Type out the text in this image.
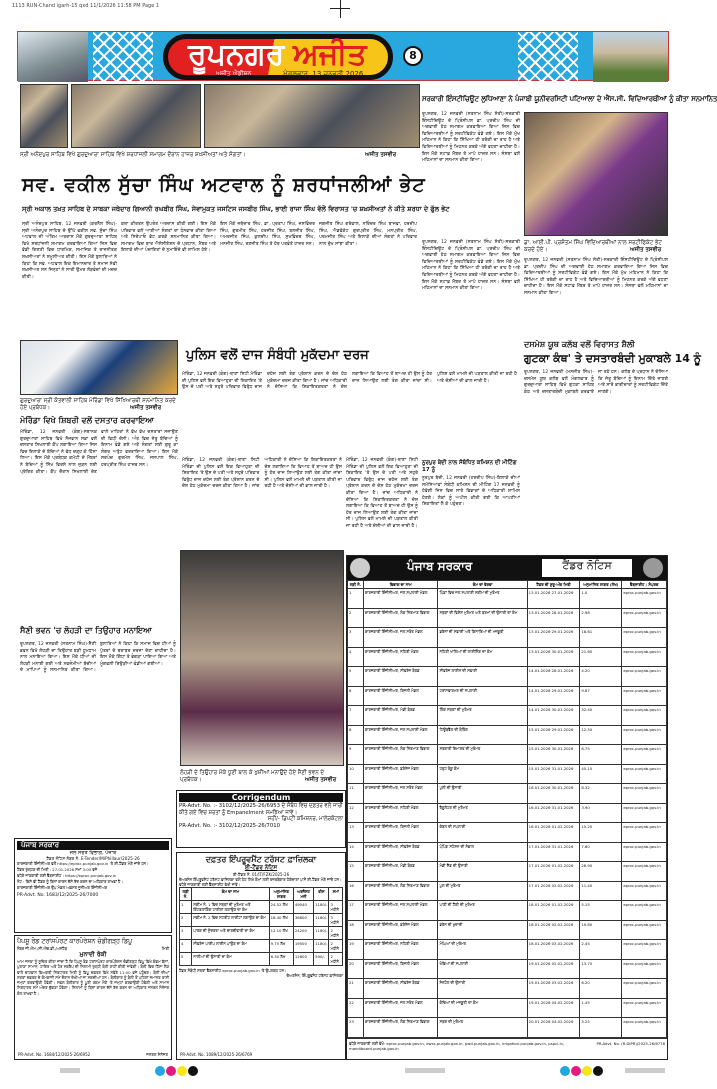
1113 RUN-Chand igarh-15 qxd 11/1/2026 11:58 PM Page 1
ਰੂਪਨਗਰ ਅਜੀਤ
ਅਜੀਤ ਐਡੀਸ਼ਨ	ਮੰਗਲਵਾਰ, 13 ਜਨਵਰੀ 2026
8
ਸ੍ਰੀ ਅਨੰਦਪੁਰ ਸਾਹਿਬ ਵਿਖੇ ਗੁਰਦੁਆਰਾ ਸਾਹਿਬ ਵਿਖੇ ਸ਼ਰਧਾਂਜਲੀ ਸਮਾਗਮ ਦੌਰਾਨ ਹਾਜ਼ਰ ਸ਼ਖ਼ਸੀਅਤਾਂ ਅਤੇ ਸੰਗਤਾਂ।	ਅਜੀਤ ਤਸਵੀਰ
ਸਵ. ਵਕੀਲ ਸੁੱਚਾ ਸਿੰਘ ਅਟਵਾਲ ਨੂੰ ਸ਼ਰਧਾਂਜਲੀਆਂ ਭੇਟ
ਸ੍ਰੀ ਅਕਾਲ ਤਖ਼ਤ ਸਾਹਿਬ ਦੇ ਸਾਬਕਾ ਜਥੇਦਾਰ ਗਿਆਨੀ ਰਘਬੀਰ ਸਿੰਘ, ਸੇਵਾਮੁਕਤ ਜਸਟਿਸ ਜਸਬੀਰ ਸਿੰਘ, ਭਾਈ ਰਾਜਾ ਸਿੰਘ ਵੱਲੋਂ ਵਿਰਾਸਤ 'ਚ ਸ਼ਖ਼ਸੀਅਤਾਂ ਨੇ ਕੀਤੇ ਸ਼ਰਧਾ ਦੇ ਫੁੱਲ ਭੇਟ
ਸ੍ਰੀ ਅਨੰਦਪੁਰ ਸਾਹਿਬ, 12 ਜਨਵਰੀ (ਕਰਨੈਲ ਸਿੰਘ)-ਸ੍ਰੀ ਅਨੰਦਪੁਰ ਸਾਹਿਬ ਦੇ ਉੱਘੇ ਵਕੀਲ ਸਵ. ਸੁੱਚਾ ਸਿੰਘ ਅਟਵਾਲ ਦੀ ਅੰਤਿਮ ਅਰਦਾਸ ਮੌਕੇ ਗੁਰਦੁਆਰਾ ਸਾਹਿਬ ਵਿਖੇ ਸ਼ਰਧਾਂਜਲੀ ਸਮਾਗਮ ਕਰਵਾਇਆ ਗਿਆ ਜਿਸ ਵਿਚ ਵੱਡੀ ਗਿਣਤੀ ਵਿਚ ਧਾਰਮਿਕ, ਸਮਾਜਿਕ ਤੇ ਰਾਜਨੀਤਕ ਸ਼ਖ਼ਸੀਅਤਾਂ ਨੇ ਸ਼ਮੂਲੀਅਤ ਕੀਤੀ। ਇਸ ਮੌਕੇ ਬੁਲਾਰਿਆਂ ਨੇ ਕਿਹਾ ਕਿ ਸਵ. ਅਟਵਾਲ ਇਕ ਇਮਾਨਦਾਰ ਤੇ ਸਮਾਜ ਸੇਵੀ ਸ਼ਖ਼ਸੀਅਤ ਸਨ ਜਿਨ੍ਹਾਂ ਨੇ ਸਾਰੀ ਉਮਰ ਲੋੜਵੰਦਾਂ ਦੀ ਮਦਦ ਕੀਤੀ।
ਕਥਾ ਕੀਰਤਨ ਉਪਰੰਤ ਅਰਦਾਸ ਕੀਤੀ ਗਈ। ਇਸ ਮੌਕੇ ਪਰਿਵਾਰ ਵਲੋਂ ਆਈਆਂ ਸੰਗਤਾਂ ਦਾ ਧੰਨਵਾਦ ਕੀਤਾ ਗਿਆ ਅਤੇ ਸਿਰੋਪਾਓ ਭੇਟ ਕਰਕੇ ਸਨਮਾਨਿਤ ਕੀਤਾ ਗਿਆ। ਸਮਾਗਮ ਵਿਚ ਬਾਰ ਐਸੋਸੀਏਸ਼ਨ ਦੇ ਪ੍ਰਧਾਨ, ਮੈਂਬਰ ਅਤੇ ਇਲਾਕੇ ਦੀਆਂ ਪੰਚਾਇਤਾਂ ਦੇ ਨੁਮਾਇੰਦੇ ਵੀ ਸ਼ਾਮਿਲ ਹੋਏ।
ਇਸ ਮੌਕੇ ਜਥੇਦਾਰ ਸਿੰਘ, ਡਾ. ਪ੍ਰਤਾਪ ਸਿੰਘ, ਜਸਵਿੰਦਰ ਸਿੰਘ, ਗੁਰਮੀਤ ਸਿੰਘ, ਹਰਜੀਤ ਸਿੰਘ, ਬਲਜੀਤ ਸਿੰਘ, ਅਮਰਜੀਤ ਸਿੰਘ, ਕੁਲਦੀਪ ਸਿੰਘ, ਸੁਖਵਿੰਦਰ ਸਿੰਘ, ਮਨਜੀਤ ਸਿੰਘ, ਰਣਜੀਤ ਸਿੰਘ ਤੇ ਹੋਰ ਪਤਵੰਤੇ ਹਾਜ਼ਰ ਸਨ।
ਜਗਜੀਤ ਸਿੰਘ ਗਰੇਵਾਲ, ਨਰਿੰਦਰ ਸਿੰਘ ਬਾਜਵਾ, ਹਰਦੀਪ ਸਿੰਘ, ਐਡਵੋਕੇਟ ਗੁਰਪ੍ਰੀਤ ਸਿੰਘ, ਮਨਪ੍ਰੀਤ ਸਿੰਘ, ਪਰਮਜੀਤ ਸਿੰਘ ਅਤੇ ਇਲਾਕੇ ਦੀਆਂ ਸੰਗਤਾਂ ਨੇ ਪਰਿਵਾਰ ਨਾਲ ਦੁੱਖ ਸਾਂਝਾ ਕੀਤਾ।
ਸਰਕਾਰੀ ਇੰਸਟੀਚਿਊਟ ਲੁਧਿਆਣਾ ਨੇ ਪੰਜਾਬੀ ਯੂਨੀਵਰਸਿਟੀ ਪਟਿਆਲਾ ਦੇ ਐੱਸ.ਸੀ. ਵਿਦਿਆਰਥੀਆਂ ਨੂੰ ਕੀਤਾ ਸਨਮਾਨਿਤ
ਰੂਪਨਗਰ, 12 ਜਨਵਰੀ (ਸਤਨਾਮ ਸਿੰਘ ਸੱਤੀ)-ਸਰਕਾਰੀ ਇੰਸਟੀਚਿਊਟ ਦੇ ਪ੍ਰਿੰਸੀਪਲ ਡਾ. ਪ੍ਰਦੀਪ ਸਿੰਘ ਦੀ ਅਗਵਾਈ ਹੇਠ ਸਮਾਗਮ ਕਰਵਾਇਆ ਗਿਆ ਜਿਸ ਵਿਚ ਵਿਦਿਆਰਥੀਆਂ ਨੂੰ ਸਰਟੀਫਿਕੇਟ ਵੰਡੇ ਗਏ। ਇਸ ਮੌਕੇ ਮੁੱਖ ਮਹਿਮਾਨ ਨੇ ਕਿਹਾ ਕਿ ਸਿੱਖਿਆ ਹੀ ਤਰੱਕੀ ਦਾ ਰਾਹ ਹੈ ਅਤੇ ਵਿਦਿਆਰਥੀਆਂ ਨੂੰ ਮਿਹਨਤ ਕਰਕੇ ਅੱਗੇ ਵਧਣਾ ਚਾਹੀਦਾ ਹੈ। ਇਸ ਮੌਕੇ ਸਟਾਫ਼ ਮੈਂਬਰ ਤੇ ਮਾਪੇ ਹਾਜ਼ਰ ਸਨ। ਸੰਸਥਾ ਵਲੋਂ ਮਹਿਮਾਨਾਂ ਦਾ ਸਨਮਾਨ ਕੀਤਾ ਗਿਆ।
ਡਾ. ਆਈ.ਪੀ. ਪ੍ਰਸ਼ੋਤਮ ਸਿੰਘ ਵਿਦਿਆਰਥੀਆਂ ਨਾਲ ਸਰਟੀਫਿਕੇਟ ਭੇਟ ਕਰਦੇ ਹੋਏ।	ਅਜੀਤ ਤਸਵੀਰ
ਰੂਪਨਗਰ, 12 ਜਨਵਰੀ (ਸਤਨਾਮ ਸਿੰਘ ਸੱਤੀ)-ਸਰਕਾਰੀ ਇੰਸਟੀਚਿਊਟ ਦੇ ਪ੍ਰਿੰਸੀਪਲ ਡਾ. ਪ੍ਰਦੀਪ ਸਿੰਘ ਦੀ ਅਗਵਾਈ ਹੇਠ ਸਮਾਗਮ ਕਰਵਾਇਆ ਗਿਆ ਜਿਸ ਵਿਚ ਵਿਦਿਆਰਥੀਆਂ ਨੂੰ ਸਰਟੀਫਿਕੇਟ ਵੰਡੇ ਗਏ। ਇਸ ਮੌਕੇ ਮੁੱਖ ਮਹਿਮਾਨ ਨੇ ਕਿਹਾ ਕਿ ਸਿੱਖਿਆ ਹੀ ਤਰੱਕੀ ਦਾ ਰਾਹ ਹੈ ਅਤੇ ਵਿਦਿਆਰਥੀਆਂ ਨੂੰ ਮਿਹਨਤ ਕਰਕੇ ਅੱਗੇ ਵਧਣਾ ਚਾਹੀਦਾ ਹੈ। ਇਸ ਮੌਕੇ ਸਟਾਫ਼ ਮੈਂਬਰ ਤੇ ਮਾਪੇ ਹਾਜ਼ਰ ਸਨ। ਸੰਸਥਾ ਵਲੋਂ ਮਹਿਮਾਨਾਂ ਦਾ ਸਨਮਾਨ ਕੀਤਾ ਗਿਆ।
ਰੂਪਨਗਰ, 12 ਜਨਵਰੀ (ਸਤਨਾਮ ਸਿੰਘ ਸੱਤੀ)-ਸਰਕਾਰੀ ਇੰਸਟੀਚਿਊਟ ਦੇ ਪ੍ਰਿੰਸੀਪਲ ਡਾ. ਪ੍ਰਦੀਪ ਸਿੰਘ ਦੀ ਅਗਵਾਈ ਹੇਠ ਸਮਾਗਮ ਕਰਵਾਇਆ ਗਿਆ ਜਿਸ ਵਿਚ ਵਿਦਿਆਰਥੀਆਂ ਨੂੰ ਸਰਟੀਫਿਕੇਟ ਵੰਡੇ ਗਏ। ਇਸ ਮੌਕੇ ਮੁੱਖ ਮਹਿਮਾਨ ਨੇ ਕਿਹਾ ਕਿ ਸਿੱਖਿਆ ਹੀ ਤਰੱਕੀ ਦਾ ਰਾਹ ਹੈ ਅਤੇ ਵਿਦਿਆਰਥੀਆਂ ਨੂੰ ਮਿਹਨਤ ਕਰਕੇ ਅੱਗੇ ਵਧਣਾ ਚਾਹੀਦਾ ਹੈ। ਇਸ ਮੌਕੇ ਸਟਾਫ਼ ਮੈਂਬਰ ਤੇ ਮਾਪੇ ਹਾਜ਼ਰ ਸਨ। ਸੰਸਥਾ ਵਲੋਂ ਮਹਿਮਾਨਾਂ ਦਾ ਸਨਮਾਨ ਕੀਤਾ ਗਿਆ।
ਦਸਮੇਸ਼ ਯੂਥ ਕਲੱਬ ਵਲੋਂ ਵਿਰਾਸਤ ਸ਼ੈਲੀ
ਗੁਟਕਾ ਕੰਥ' ਤੇ ਦਸਤਾਰਬੰਦੀ ਮੁਕਾਬਲੇ 14 ਨੂੰ
ਰੂਪਨਗਰ, 12 ਜਨਵਰੀ (ਮਨਜੀਤ ਸਿੰਘ)-ਦਸਮੇਸ਼ ਯੂਥ ਕਲੱਬ ਵਲੋਂ ਮੰਗਲਵਾਰ ਨੂੰ ਗੁਰਦੁਆਰਾ ਸਾਹਿਬ ਵਿਖੇ ਗੁਟਕਾ ਸਾਹਿਬ ਕੰਠ ਅਤੇ ਦਸਤਾਰਬੰਦੀ ਮੁਕਾਬਲੇ ਕਰਵਾਏ ਜਾ ਰਹੇ ਹਨ। ਕਲੱਬ ਦੇ ਪ੍ਰਧਾਨ ਨੇ ਦੱਸਿਆ ਕਿ ਜੇਤੂ ਬੱਚਿਆਂ ਨੂੰ ਇਨਾਮ ਦਿੱਤੇ ਜਾਣਗੇ ਅਤੇ ਸਾਰੇ ਭਾਗੀਦਾਰਾਂ ਨੂੰ ਸਰਟੀਫਿਕੇਟ ਦਿੱਤੇ ਜਾਣਗੇ।
ਗੁਰਦੁਆਰਾ ਸ੍ਰੀ ਕੋਤਵਾਲੀ ਸਾਹਿਬ ਮੋਰਿੰਡਾ ਵਿਖੇ ਸਿੱਖਿਆਰਥੀ ਸਨਮਾਨਿਤ ਕਰਦੇ ਹੋਏ ਪ੍ਰਬੰਧਕ।	ਅਜੀਤ ਤਸਵੀਰ
ਮੋਰਿੰਡਾ ਵਿਖੇ ਸ਼ਿਬਰੀ ਵਲੋਂ ਦਸਤਾਰ ਕਰਵਾਇਆ
ਮੋਰਿੰਡਾ, 12 ਜਨਵਰੀ (ਕੰਗ)-ਸਥਾਨਕ ਗੁਰਦੁਆਰਾ ਸਾਹਿਬ ਵਿਖੇ ਨੌਜਵਾਨ ਸਭਾ ਵਲੋਂ ਦਸਤਾਰ ਸਿਖਲਾਈ ਕੈਂਪ ਲਗਾਇਆ ਗਿਆ ਜਿਸ ਵਿਚ ਇਲਾਕੇ ਦੇ ਬੱਚਿਆਂ ਨੇ ਵੱਧ ਚੜ੍ਹ ਕੇ ਹਿੱਸਾ ਲਿਆ। ਇਸ ਮੌਕੇ ਪ੍ਰਬੰਧਕ ਕਮੇਟੀ ਦੇ ਮੈਂਬਰਾਂ ਨੇ ਬੱਚਿਆਂ ਨੂੰ ਸਿੱਖ ਵਿਰਸੇ ਨਾਲ ਜੁੜਨ ਲਈ ਪ੍ਰੇਰਿਤ ਕੀਤਾ। ਕੈਂਪ ਦੌਰਾਨ ਸਿਖਲਾਈ ਦੇਣ ਵਾਲੇ ਮਾਹਿਰਾਂ ਨੇ ਵੱਖ ਵੱਖ ਦਸਤਾਰਾਂ ਸਜਾਉਣ ਦੀ ਵਿਧੀ ਦੱਸੀ। ਅੰਤ ਵਿਚ ਜੇਤੂ ਬੱਚਿਆਂ ਨੂੰ ਇਨਾਮ ਵੰਡੇ ਗਏ ਅਤੇ ਸੰਗਤਾਂ ਲਈ ਗੁਰੂ ਕਾ ਲੰਗਰ ਅਤੁੱਟ ਵਰਤਾਇਆ ਗਿਆ। ਇਸ ਮੌਕੇ ਸਰਪੰਚ ਗੁਰਮੇਲ ਸਿੰਘ, ਜਸਪਾਲ ਸਿੰਘ, ਹਰਪ੍ਰੀਤ ਸਿੰਘ ਹਾਜ਼ਰ ਸਨ।
ਪੁਲਿਸ ਵਲੋਂ ਦਾਜ ਸੰਬੰਧੀ ਮੁਕੱਦਮਾ ਦਰਜ
ਮੋਰਿੰਡਾ, 12 ਜਨਵਰੀ (ਕੰਗ)-ਥਾਣਾ ਸਿਟੀ ਮੋਰਿੰਡਾ ਦੀ ਪੁਲਿਸ ਵਲੋਂ ਇਕ ਵਿਆਹੁਤਾ ਦੀ ਸ਼ਿਕਾਇਤ 'ਤੇ ਉਸ ਦੇ ਪਤੀ ਅਤੇ ਸਹੁਰੇ ਪਰਿਵਾਰ ਵਿਰੁੱਧ ਦਾਜ ਦਹੇਜ ਲਈ ਤੰਗ ਪ੍ਰੇਸ਼ਾਨ ਕਰਨ ਦੇ ਦੋਸ਼ ਹੇਠ ਮੁਕੱਦਮਾ ਦਰਜ ਕੀਤਾ ਗਿਆ ਹੈ। ਜਾਂਚ ਅਧਿਕਾਰੀ ਨੇ ਦੱਸਿਆ ਕਿ ਸ਼ਿਕਾਇਤਕਰਤਾ ਨੇ ਦੋਸ਼ ਲਗਾਇਆ ਕਿ ਵਿਆਹ ਤੋਂ ਬਾਅਦ ਹੀ ਉਸ ਨੂੰ ਹੋਰ ਦਾਜ ਲਿਆਉਣ ਲਈ ਤੰਗ ਕੀਤਾ ਜਾਂਦਾ ਸੀ। ਪੁਲਿਸ ਵਲੋਂ ਮਾਮਲੇ ਦੀ ਪੜਤਾਲ ਕੀਤੀ ਜਾ ਰਹੀ ਹੈ ਅਤੇ ਦੋਸ਼ੀਆਂ ਦੀ ਭਾਲ ਜਾਰੀ ਹੈ।
ਮੋਰਿੰਡਾ, 12 ਜਨਵਰੀ (ਕੰਗ)-ਥਾਣਾ ਸਿਟੀ ਮੋਰਿੰਡਾ ਦੀ ਪੁਲਿਸ ਵਲੋਂ ਇਕ ਵਿਆਹੁਤਾ ਦੀ ਸ਼ਿਕਾਇਤ 'ਤੇ ਉਸ ਦੇ ਪਤੀ ਅਤੇ ਸਹੁਰੇ ਪਰਿਵਾਰ ਵਿਰੁੱਧ ਦਾਜ ਦਹੇਜ ਲਈ ਤੰਗ ਪ੍ਰੇਸ਼ਾਨ ਕਰਨ ਦੇ ਦੋਸ਼ ਹੇਠ ਮੁਕੱਦਮਾ ਦਰਜ ਕੀਤਾ ਗਿਆ ਹੈ। ਜਾਂਚ ਅਧਿਕਾਰੀ ਨੇ ਦੱਸਿਆ ਕਿ ਸ਼ਿਕਾਇਤਕਰਤਾ ਨੇ ਦੋਸ਼ ਲਗਾਇਆ ਕਿ ਵਿਆਹ ਤੋਂ ਬਾਅਦ ਹੀ ਉਸ ਨੂੰ ਹੋਰ ਦਾਜ ਲਿਆਉਣ ਲਈ ਤੰਗ ਕੀਤਾ ਜਾਂਦਾ ਸੀ। ਪੁਲਿਸ ਵਲੋਂ ਮਾਮਲੇ ਦੀ ਪੜਤਾਲ ਕੀਤੀ ਜਾ ਰਹੀ ਹੈ ਅਤੇ ਦੋਸ਼ੀਆਂ ਦੀ ਭਾਲ ਜਾਰੀ ਹੈ।
ਨੂਰਪੁਰ ਬੇਦੀ ਨਾਲ ਸੰਬੰਧਿਤ ਕਮਿਸ਼ਨ ਦੀ ਮੀਟਿੰਗ 17 ਨੂੰ
ਨੂਰਪੁਰ ਬੇਦੀ, 12 ਜਨਵਰੀ (ਹਰਦੀਪ ਸਿੰਘ)-ਇਲਾਕੇ ਦੀਆਂ ਸਮੱਸਿਆਵਾਂ ਸੰਬੰਧੀ ਕਮਿਸ਼ਨ ਦੀ ਮੀਟਿੰਗ 17 ਜਨਵਰੀ ਨੂੰ ਹੋਵੇਗੀ ਜਿਸ ਵਿਚ ਸਾਰੇ ਵਿਭਾਗਾਂ ਦੇ ਅਧਿਕਾਰੀ ਸ਼ਾਮਿਲ ਹੋਣਗੇ। ਲੋਕਾਂ ਨੂੰ ਅਪੀਲ ਕੀਤੀ ਗਈ ਕਿ ਆਪਣੀਆਂ ਸ਼ਿਕਾਇਤਾਂ ਲੈ ਕੇ ਪਹੁੰਚਣ।
ਮੋਰਿੰਡਾ, 12 ਜਨਵਰੀ (ਕੰਗ)-ਥਾਣਾ ਸਿਟੀ ਮੋਰਿੰਡਾ ਦੀ ਪੁਲਿਸ ਵਲੋਂ ਇਕ ਵਿਆਹੁਤਾ ਦੀ ਸ਼ਿਕਾਇਤ 'ਤੇ ਉਸ ਦੇ ਪਤੀ ਅਤੇ ਸਹੁਰੇ ਪਰਿਵਾਰ ਵਿਰੁੱਧ ਦਾਜ ਦਹੇਜ ਲਈ ਤੰਗ ਪ੍ਰੇਸ਼ਾਨ ਕਰਨ ਦੇ ਦੋਸ਼ ਹੇਠ ਮੁਕੱਦਮਾ ਦਰਜ ਕੀਤਾ ਗਿਆ ਹੈ। ਜਾਂਚ ਅਧਿਕਾਰੀ ਨੇ ਦੱਸਿਆ ਕਿ ਸ਼ਿਕਾਇਤਕਰਤਾ ਨੇ ਦੋਸ਼ ਲਗਾਇਆ ਕਿ ਵਿਆਹ ਤੋਂ ਬਾਅਦ ਹੀ ਉਸ ਨੂੰ ਹੋਰ ਦਾਜ ਲਿਆਉਣ ਲਈ ਤੰਗ ਕੀਤਾ ਜਾਂਦਾ ਸੀ। ਪੁਲਿਸ ਵਲੋਂ ਮਾਮਲੇ ਦੀ ਪੜਤਾਲ ਕੀਤੀ ਜਾ ਰਹੀ ਹੈ ਅਤੇ ਦੋਸ਼ੀਆਂ ਦੀ ਭਾਲ ਜਾਰੀ ਹੈ।
ਲੋਹੜੀ ਦੇ ਤਿਉਹਾਰ ਮੌਕੇ ਧੂਣੀ ਬਾਲ ਕੇ ਖੁਸ਼ੀਆਂ ਮਨਾਉਂਦੇ ਹੋਏ ਸੈਣੀ ਭਵਨ ਦੇ ਪ੍ਰਬੰਧਕ।	ਅਜੀਤ ਤਸਵੀਰ
ਸੈਣੀ ਭਵਨ 'ਚ ਲੋਹੜੀ ਦਾ ਤਿਉਹਾਰ ਮਨਾਇਆ
ਰੂਪਨਗਰ, 12 ਜਨਵਰੀ (ਸਤਨਾਮ ਸਿੰਘ)-ਸੈਣੀ ਭਵਨ ਵਿਖੇ ਲੋਹੜੀ ਦਾ ਤਿਉਹਾਰ ਬੜੀ ਧੂਮਧਾਮ ਨਾਲ ਮਨਾਇਆ ਗਿਆ। ਇਸ ਮੌਕੇ ਧੀਆਂ ਦੀ ਲੋਹੜੀ ਮਨਾਈ ਗਈ ਅਤੇ ਨਵਜੰਮੀਆਂ ਬੱਚੀਆਂ ਦੇ ਮਾਪਿਆਂ ਨੂੰ ਸਨਮਾਨਿਤ ਕੀਤਾ ਗਿਆ। ਬੁਲਾਰਿਆਂ ਨੇ ਕਿਹਾ ਕਿ ਸਮਾਜ ਵਿਚ ਧੀਆਂ ਨੂੰ ਪੁੱਤਰਾਂ ਦੇ ਬਰਾਬਰ ਦਰਜਾ ਦੇਣਾ ਚਾਹੀਦਾ ਹੈ। ਇਸ ਮੌਕੇ ਗਿੱਧਾ ਤੇ ਭੰਗੜਾ ਪਾਇਆ ਗਿਆ ਅਤੇ ਮੂੰਗਫਲੀ ਰਿਉੜੀਆਂ ਵੰਡੀਆਂ ਗਈਆਂ।
Corrigendum
PR-Advt. No. :- 3102/12/2025-26/6953 ਦੇ ਸੰਬੰਧ ਵਿਚ ਦਫ਼ਤਰ ਵਲੋਂ ਜਾਰੀ ਕੀਤੇ ਗਏ ਵਿਚ ਸ਼ਰਤਾਂ ਨੂੰ Empanelment ਸਮਝਿਆ ਜਾਵੇ।
ਸਹੀ/- ਡਿਪਟੀ ਕਮਿਸ਼ਨਰ, ਮਾਲੇਰਕੋਟਲਾ
PR-Advt. No. :- 3102/12/2025-26/7010
ਦਫ਼ਤਰ ਇੰਪਰੂਵਮੈਂਟ ਟਰੱਸਟ ਫ਼ਾਜ਼ਿਲਕਾ
ਈ-ਟੈਂਡਰ ਨੋਟਿਸ
ਈ-ਟੈਂਡਰ ਨੰ. 01/IT/FZK/2025-26
ਚੇਅਰਮੈਨ ਇੰਪਰੂਵਮੈਂਟ ਟਰੱਸਟ ਫ਼ਾਜ਼ਿਲਕਾ ਵਲੋਂ ਹੇਠ ਲਿਖੇ ਕੰਮਾਂ ਲਈ ਤਜ਼ਰਬੇਕਾਰ ਠੇਕੇਦਾਰਾਂ ਪਾਸੋਂ ਈ-ਟੈਂਡਰ ਮੰਗੇ ਜਾਂਦੇ ਹਨ। ਵਧੇਰੇ ਜਾਣਕਾਰੀ ਲਈ ਵੈੱਬਸਾਈਟ ਵੇਖੀ ਜਾਵੇ।
ਲੜੀ ਨੰ.	ਕੰਮ ਦਾ ਨਾਮ	ਅਨੁਮਾਨਿਤ ਲਾਗਤ	ਅਰਨੈਸਟ ਮਨੀ	ਫੀਸ	ਸਮਾਂ
1	ਸਕੀਮ ਨੰ. 1 ਵਿਚ ਸੜਕਾਂ ਦੀ ਮੁਰੰਮਤ ਅਤੇ ਇੰਟਰਲਾਕਿੰਗ ਟਾਈਲਾਂ ਲਗਾਉਣ ਦਾ ਕੰਮ	24.52 ਲੱਖ	49040	1180/-	3 ਮਹੀਨੇ
2	ਸਕੀਮ ਨੰ. 2 ਵਿਚ ਸਟਰੀਟ ਲਾਈਟਾਂ ਲਗਾਉਣ ਦਾ ਕੰਮ	18.40 ਲੱਖ	36800	1180/-	3 ਮਹੀਨੇ
3	ਪਾਰਕ ਦੀ ਸੁੰਦਰਤਾ ਅਤੇ ਚਾਰਦੀਵਾਰੀ ਦਾ ਕੰਮ	12.10 ਲੱਖ	24200	1180/-	2 ਮਹੀਨੇ
4	ਸੀਵਰੇਜ ਪਾਈਪ ਲਾਈਨ ਪਾਉਣ ਦਾ ਕੰਮ	9.75 ਲੱਖ	19500	1180/-	2 ਮਹੀਨੇ
5	ਨਾਲੀਆਂ ਦੀ ਉਸਾਰੀ ਦਾ ਕੰਮ	6.30 ਲੱਖ	12600	590/-	2 ਮਹੀਨੇ
ਟੈਂਡਰ ਸੰਬੰਧੀ ਸ਼ਰਤਾਂ ਵੈੱਬਸਾਈਟ eproc.punjab.gov.in 'ਤੇ ਉਪਲਬਧ ਹਨ।
ਚੇਅਰਮੈਨ, ਇੰਪਰੂਵਮੈਂਟ ਟਰੱਸਟ ਫ਼ਾਜ਼ਿਲਕਾ
PR-Advt. No. 1089/12/2025-26/6769
ਪੰਜਾਬ ਸਰਕਾਰ
ਜਲ ਸਰੋਤ ਵਿਭਾਗ, ਪੰਜਾਬ
ਟੈਂਡਰ ਨੋਟਿਸ ਨੰਬਰ ਨੰ. E-Tender/M/Phillaur/2025-26
ਕਾਰਜਕਾਰੀ ਇੰਜੀਨੀਅਰ ਵਲੋਂ https://eproc.punjab.gov.in 'ਤੇ ਈ-ਟੈਂਡਰ ਮੰਗੇ ਜਾਂਦੇ ਹਨ।
ਟੈਂਡਰ ਖੁੱਲ੍ਹਣ ਦੀ ਮਿਤੀ : 27.01.2026 ਸਮਾਂ 3:00 ਵਜੇ
ਵਧੇਰੇ ਜਾਣਕਾਰੀ ਲਈ ਵੈੱਬਸਾਈਟ : https://eproc.punjab.gov.in
ਨੋਟ : ਕਿਸੇ ਵੀ ਟੈਂਡਰ ਨੂੰ ਬਿਨਾਂ ਕਾਰਨ ਦੱਸੇ ਰੱਦ ਕਰਨ ਦਾ ਅਧਿਕਾਰ ਰਾਖਵਾਂ ਹੈ।
ਕਾਰਜਕਾਰੀ ਇੰਜੀਨੀਅਰ ਉਪ ਮੰਡਲ ਅਫ਼ਸਰ ਜੂਨੀਅਰ ਇੰਜੀਨੀਅਰ
PR-Advt. No. 1683/12/2025-26/7000
ਪੈਪਸੂ ਰੋਡ ਟਰਾਂਸਪੋਰਟ ਕਾਰਪੋਰੇਸ਼ਨ ਚੰਡੀਗੜ੍ਹ ਡਿਪੂ
ਨੰਬਰ ਜੀ.ਐਮ./ਸੀ.ਐਚ.ਡੀ./ਅਸਟੈਬ	ਮਿਤੀ
ਮੁਨਾਦੀ ਰੋਕੀ
ਆਮ ਜਨਤਾ ਨੂੰ ਸੂਚਿਤ ਕੀਤਾ ਜਾਂਦਾ ਹੈ ਕਿ ਪੈਪਸੂ ਰੋਡ ਟਰਾਂਸਪੋਰਟ ਕਾਰਪੋਰੇਸ਼ਨ ਚੰਡੀਗੜ੍ਹ ਡਿਪੂ ਵਿਖੇ ਕੰਡਮ ਬੱਸਾਂ, ਪੁਰਾਣਾ ਸਾਮਾਨ, ਟਾਇਰ ਅਤੇ ਹੋਰ ਸਕਰੈਪ ਦੀ ਨਿਲਾਮੀ ਖੁੱਲ੍ਹੀ ਬੋਲੀ ਰਾਹੀਂ ਕੀਤੀ ਜਾਵੇਗੀ। ਬੋਲੀ ਵਿਚ ਹਿੱਸਾ ਲੈਣ ਵਾਲੇ ਚਾਹਵਾਨ ਵਿਅਕਤੀ ਨਿਰਧਾਰਤ ਮਿਤੀ ਨੂੰ ਡਿਪੂ ਦਫ਼ਤਰ ਵਿਖੇ ਸਵੇਰੇ 11:00 ਵਜੇ ਪਹੁੰਚਣ। ਬੋਲੀ ਦੀਆਂ ਸ਼ਰਤਾਂ ਦਫ਼ਤਰ ਦੇ ਕੰਮਕਾਜੀ ਸਮੇਂ ਦੌਰਾਨ ਦੇਖੀਆਂ ਜਾ ਸਕਦੀਆਂ ਹਨ। ਬੋਲੀਕਾਰ ਨੂੰ ਬੋਲੀ ਤੋਂ ਪਹਿਲਾਂ ਜ਼ਮਾਨਤ ਰਾਸ਼ੀ ਜਮ੍ਹਾਂ ਕਰਵਾਉਣੀ ਹੋਵੇਗੀ। ਸਫ਼ਲ ਬੋਲੀਕਾਰ ਨੂੰ ਪੂਰੀ ਰਕਮ ਮੌਕੇ 'ਤੇ ਜਮ੍ਹਾਂ ਕਰਵਾਉਣੀ ਹੋਵੇਗੀ ਅਤੇ ਸਾਮਾਨ ਨਿਰਧਾਰਤ ਸਮੇਂ ਅੰਦਰ ਚੁੱਕਣਾ ਹੋਵੇਗਾ। ਨਿਲਾਮੀ ਨੂੰ ਬਿਨਾਂ ਕਾਰਨ ਦੱਸੇ ਰੱਦ ਕਰਨ ਦਾ ਅਧਿਕਾਰ ਜਨਰਲ ਮੈਨੇਜਰ ਕੋਲ ਰਾਖਵਾਂ ਹੈ।
PR-Advt. No. 1684/12/2025-26/6952	ਜਨਰਲ ਮੈਨੇਜਰ
ਪੰਜਾਬ ਸਰਕਾਰ	ਟੈਂਡਰ ਨੋਟਿਸ
ਲੜੀ ਨੰ.	ਵਿਭਾਗ ਦਾ ਨਾਮ	ਕੰਮ ਦਾ ਵੇਰਵਾ	ਟੈਂਡਰ ਦੀ ਸ਼ੁਰੂ-ਅੰਤ ਮਿਤੀ	ਅਨੁਮਾਨਿਤ ਲਾਗਤ (ਲੱਖ)	ਵੈੱਬਸਾਈਟ / ਸੰਪਰਕ
1	ਕਾਰਜਕਾਰੀ ਇੰਜੀਨੀਅਰ, ਜਲ ਸਪਲਾਈ ਮੰਡਲ	ਪਿੰਡਾਂ ਵਿਚ ਜਲ ਸਪਲਾਈ ਸਕੀਮ ਦੀ ਮੁਰੰਮਤ	13.01.2026 27.01.2026	1.0	eproc.punjab.gov.in
2	ਕਾਰਜਕਾਰੀ ਇੰਜੀਨੀਅਰ, ਲੋਕ ਨਿਰਮਾਣ ਵਿਭਾਗ	ਸੜਕਾਂ ਦੀ ਵਿਸ਼ੇਸ਼ ਮੁਰੰਮਤ ਅਤੇ ਬਰਮਾਂ ਦੀ ਉਸਾਰੀ ਦਾ ਕੰਮ	13.01.2026 28.01.2026	2.98	eproc.punjab.gov.in
3	ਕਾਰਜਕਾਰੀ ਇੰਜੀਨੀਅਰ, ਜਲ ਸਰੋਤ ਮੰਡਲ	ਡਰੇਨਾਂ ਦੀ ਸਫ਼ਾਈ ਅਤੇ ਕਿਨਾਰਿਆਂ ਦੀ ਮਜ਼ਬੂਤੀ	13.01.2026 29.01.2026	18.61	eproc.punjab.gov.in
4	ਕਾਰਜਕਾਰੀ ਇੰਜੀਨੀਅਰ, ਨਹਿਰੀ ਮੰਡਲ	ਨਹਿਰੀ ਖਾਲਿਆਂ ਦੀ ਲਾਈਨਿੰਗ ਦਾ ਕੰਮ	13.01.2026 30.01.2026	21.65	eproc.punjab.gov.in
5	ਕਾਰਜਕਾਰੀ ਇੰਜੀਨੀਅਰ, ਸੀਵਰੇਜ ਬੋਰਡ	ਸੀਵਰੇਜ ਲਾਈਨ ਦੀ ਸਫ਼ਾਈ	14.01.2026 28.01.2026	4.20	eproc.punjab.gov.in
6	ਕਾਰਜਕਾਰੀ ਇੰਜੀਨੀਅਰ, ਬਿਜਲੀ ਮੰਡਲ	ਟਰਾਂਸਫਾਰਮਰ ਦੀ ਸਪਲਾਈ	14.01.2026 29.01.2026	9.87	eproc.punjab.gov.in
7	ਕਾਰਜਕਾਰੀ ਇੰਜੀਨੀਅਰ, ਮੰਡੀ ਬੋਰਡ	ਲਿੰਕ ਸੜਕਾਂ ਦੀ ਮੁਰੰਮਤ	14.01.2026 30.01.2026	32.40	eproc.punjab.gov.in
8	ਕਾਰਜਕਾਰੀ ਇੰਜੀਨੀਅਰ, ਜਲ ਸਪਲਾਈ ਮੰਡਲ	ਟਿਊਬਵੈੱਲ ਦੀ ਬੋਰਿੰਗ	15.01.2026 29.01.2026	12.50	eproc.punjab.gov.in
9	ਕਾਰਜਕਾਰੀ ਇੰਜੀਨੀਅਰ, ਲੋਕ ਨਿਰਮਾਣ ਵਿਭਾਗ	ਸਰਕਾਰੀ ਇਮਾਰਤ ਦੀ ਮੁਰੰਮਤ	15.01.2026 30.01.2026	6.75	eproc.punjab.gov.in
10	ਕਾਰਜਕਾਰੀ ਇੰਜੀਨੀਅਰ, ਡਰੇਨੇਜ ਮੰਡਲ	ਹੜ੍ਹ ਰੋਕੂ ਕੰਮ	15.01.2026 31.01.2026	45.10	eproc.punjab.gov.in
11	ਕਾਰਜਕਾਰੀ ਇੰਜੀਨੀਅਰ, ਜਲ ਸਰੋਤ ਮੰਡਲ	ਪੁਲੀ ਦੀ ਉਸਾਰੀ	16.01.2026 30.01.2026	8.32	eproc.punjab.gov.in
12	ਕਾਰਜਕਾਰੀ ਇੰਜੀਨੀਅਰ, ਨਹਿਰੀ ਮੰਡਲ	ਰੈਗੂਲੇਟਰ ਦੀ ਮੁਰੰਮਤ	16.01.2026 31.01.2026	3.90	eproc.punjab.gov.in
13	ਕਾਰਜਕਾਰੀ ਇੰਜੀਨੀਅਰ, ਬਿਜਲੀ ਮੰਡਲ	ਕੇਬਲ ਦੀ ਸਪਲਾਈ	16.01.2026 01.02.2026	15.25	eproc.punjab.gov.in
14	ਕਾਰਜਕਾਰੀ ਇੰਜੀਨੀਅਰ, ਸੀਵਰੇਜ ਬੋਰਡ	ਪੰਪਿੰਗ ਸਟੇਸ਼ਨ ਦੀ ਸੰਭਾਲ	17.01.2026 31.01.2026	7.60	eproc.punjab.gov.in
15	ਕਾਰਜਕਾਰੀ ਇੰਜੀਨੀਅਰ, ਮੰਡੀ ਬੋਰਡ	ਮੰਡੀ ਸ਼ੈੱਡ ਦੀ ਉਸਾਰੀ	17.01.2026 01.02.2026	28.90	eproc.punjab.gov.in
16	ਕਾਰਜਕਾਰੀ ਇੰਜੀਨੀਅਰ, ਲੋਕ ਨਿਰਮਾਣ ਵਿਭਾਗ	ਪੁਲ ਦੀ ਮੁਰੰਮਤ	17.01.2026 02.02.2026	11.40	eproc.punjab.gov.in
17	ਕਾਰਜਕਾਰੀ ਇੰਜੀਨੀਅਰ, ਜਲ ਸਪਲਾਈ ਮੰਡਲ	ਪਾਣੀ ਦੀ ਟੈਂਕੀ ਦੀ ਮੁਰੰਮਤ	18.01.2026 01.02.2026	5.15	eproc.punjab.gov.in
18	ਕਾਰਜਕਾਰੀ ਇੰਜੀਨੀਅਰ, ਡਰੇਨੇਜ ਮੰਡਲ	ਡਰੇਨ ਦੀ ਖੁਦਾਈ	18.01.2026 02.02.2026	19.80	eproc.punjab.gov.in
19	ਕਾਰਜਕਾਰੀ ਇੰਜੀਨੀਅਰ, ਨਹਿਰੀ ਮੰਡਲ	ਮੋਘਿਆਂ ਦੀ ਮੁਰੰਮਤ	18.01.2026 03.02.2026	2.45	eproc.punjab.gov.in
20	ਕਾਰਜਕਾਰੀ ਇੰਜੀਨੀਅਰ, ਬਿਜਲੀ ਮੰਡਲ	ਖੰਭਿਆਂ ਦੀ ਸਪਲਾਈ	19.01.2026 02.02.2026	13.70	eproc.punjab.gov.in
21	ਕਾਰਜਕਾਰੀ ਇੰਜੀਨੀਅਰ, ਸੀਵਰੇਜ ਬੋਰਡ	ਮੈਨਹੋਲ ਦੀ ਉਸਾਰੀ	19.01.2026 03.02.2026	6.20	eproc.punjab.gov.in
22	ਕਾਰਜਕਾਰੀ ਇੰਜੀਨੀਅਰ, ਜਲ ਸਰੋਤ ਮੰਡਲ	ਕੰਢਿਆਂ ਦੀ ਮਜ਼ਬੂਤੀ ਦਾ ਕੰਮ	19.01.2026 04.02.2026	1.45	eproc.punjab.gov.in
23	ਕਾਰਜਕਾਰੀ ਇੰਜੀਨੀਅਰ, ਲੋਕ ਨਿਰਮਾਣ ਵਿਭਾਗ	ਸੜਕ ਦੀ ਮੁਰੰਮਤ	20.01.2026 04.02.2026	3.25	eproc.punjab.gov.in
ਵਧੇਰੇ ਜਾਣਕਾਰੀ ਲਈ ਵੇਖੋ: eproc.punjab.gov.in, dwss.punjab.gov.in, pwd.punjab.gov.in, irrigation.punjab.gov.in, pspcl.in, mandiboard.punjab.gov.in
PR-Advt. No. (R-DIPR)/2025-26/6778
